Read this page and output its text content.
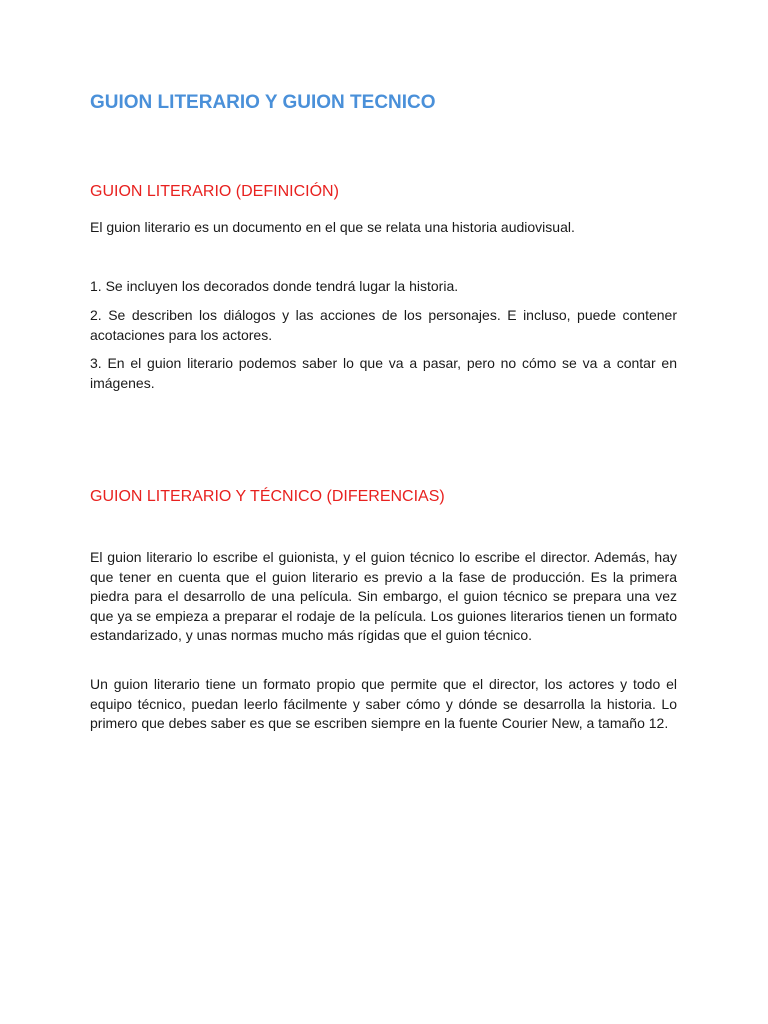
GUION LITERARIO Y GUION TECNICO
GUION LITERARIO (DEFINICIÓN)

El guion literario es un documento en el que se relata una historia audiovisual.

1. Se incluyen los decorados donde tendrá lugar la historia.

2. Se describen los diálogos y las acciones de los personajes. E incluso, puede contener acotaciones para los actores.

3. En el guion literario podemos saber lo que va a pasar, pero no cómo se va a contar en imágenes.

GUION LITERARIO Y TÉCNICO (DIFERENCIAS)

El guion literario lo escribe el guionista, y el guion técnico lo escribe el director. Además, hay que tener en cuenta que el guion literario es previo a la fase de producción. Es la primera piedra para el desarrollo de una película. Sin embargo, el guion técnico se prepara una vez que ya se empieza a preparar el rodaje de la película. Los guiones literarios tienen un formato estandarizado, y unas normas mucho más rígidas que el guion técnico.

Un guion literario tiene un formato propio que permite que el director, los actores y todo el equipo técnico, puedan leerlo fácilmente y saber cómo y dónde se desarrolla la historia. Lo primero que debes saber es que se escriben siempre en la fuente Courier New, a tamaño 12.
